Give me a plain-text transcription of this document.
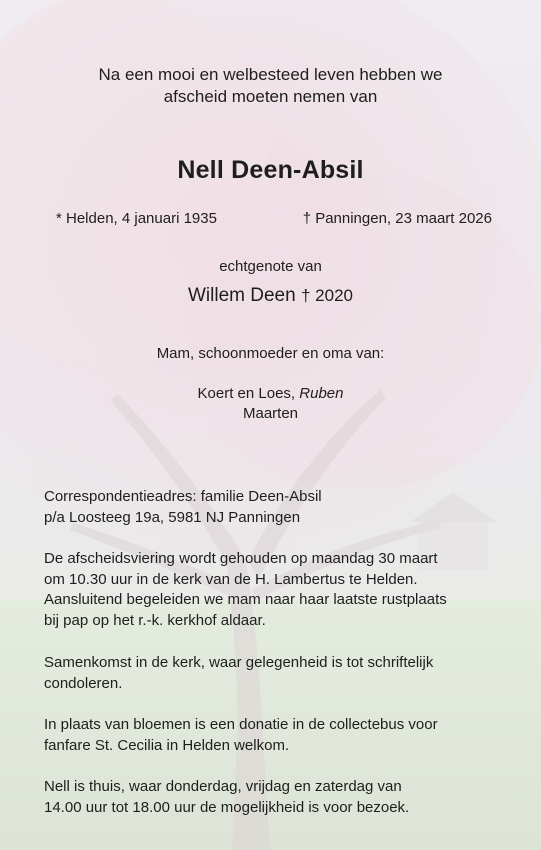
Na een mooi en welbesteed leven hebben we
afscheid moeten nemen van

Nell Deen-Absil

* Helden, 4 januari 1935	† Panningen, 23 maart 2026

echtgenote van

Willem Deen † 2020

Mam, schoonmoeder en oma van:

Koert en Loes, Ruben
Maarten

Correspondentieadres: familie Deen-Absil
p/a Loosteeg 19a, 5981 NJ Panningen

De afscheidsviering wordt gehouden op maandag 30 maart
om 10.30 uur in de kerk van de H. Lambertus te Helden.
Aansluitend begeleiden we mam naar haar laatste rustplaats
bij pap op het r.-k. kerkhof aldaar.

Samenkomst in de kerk, waar gelegenheid is tot schriftelijk
condoleren.

In plaats van bloemen is een donatie in de collectebus voor
fanfare St. Cecilia in Helden welkom.

Nell is thuis, waar donderdag, vrijdag en zaterdag van
14.00 uur tot 18.00 uur de mogelijkheid is voor bezoek.
